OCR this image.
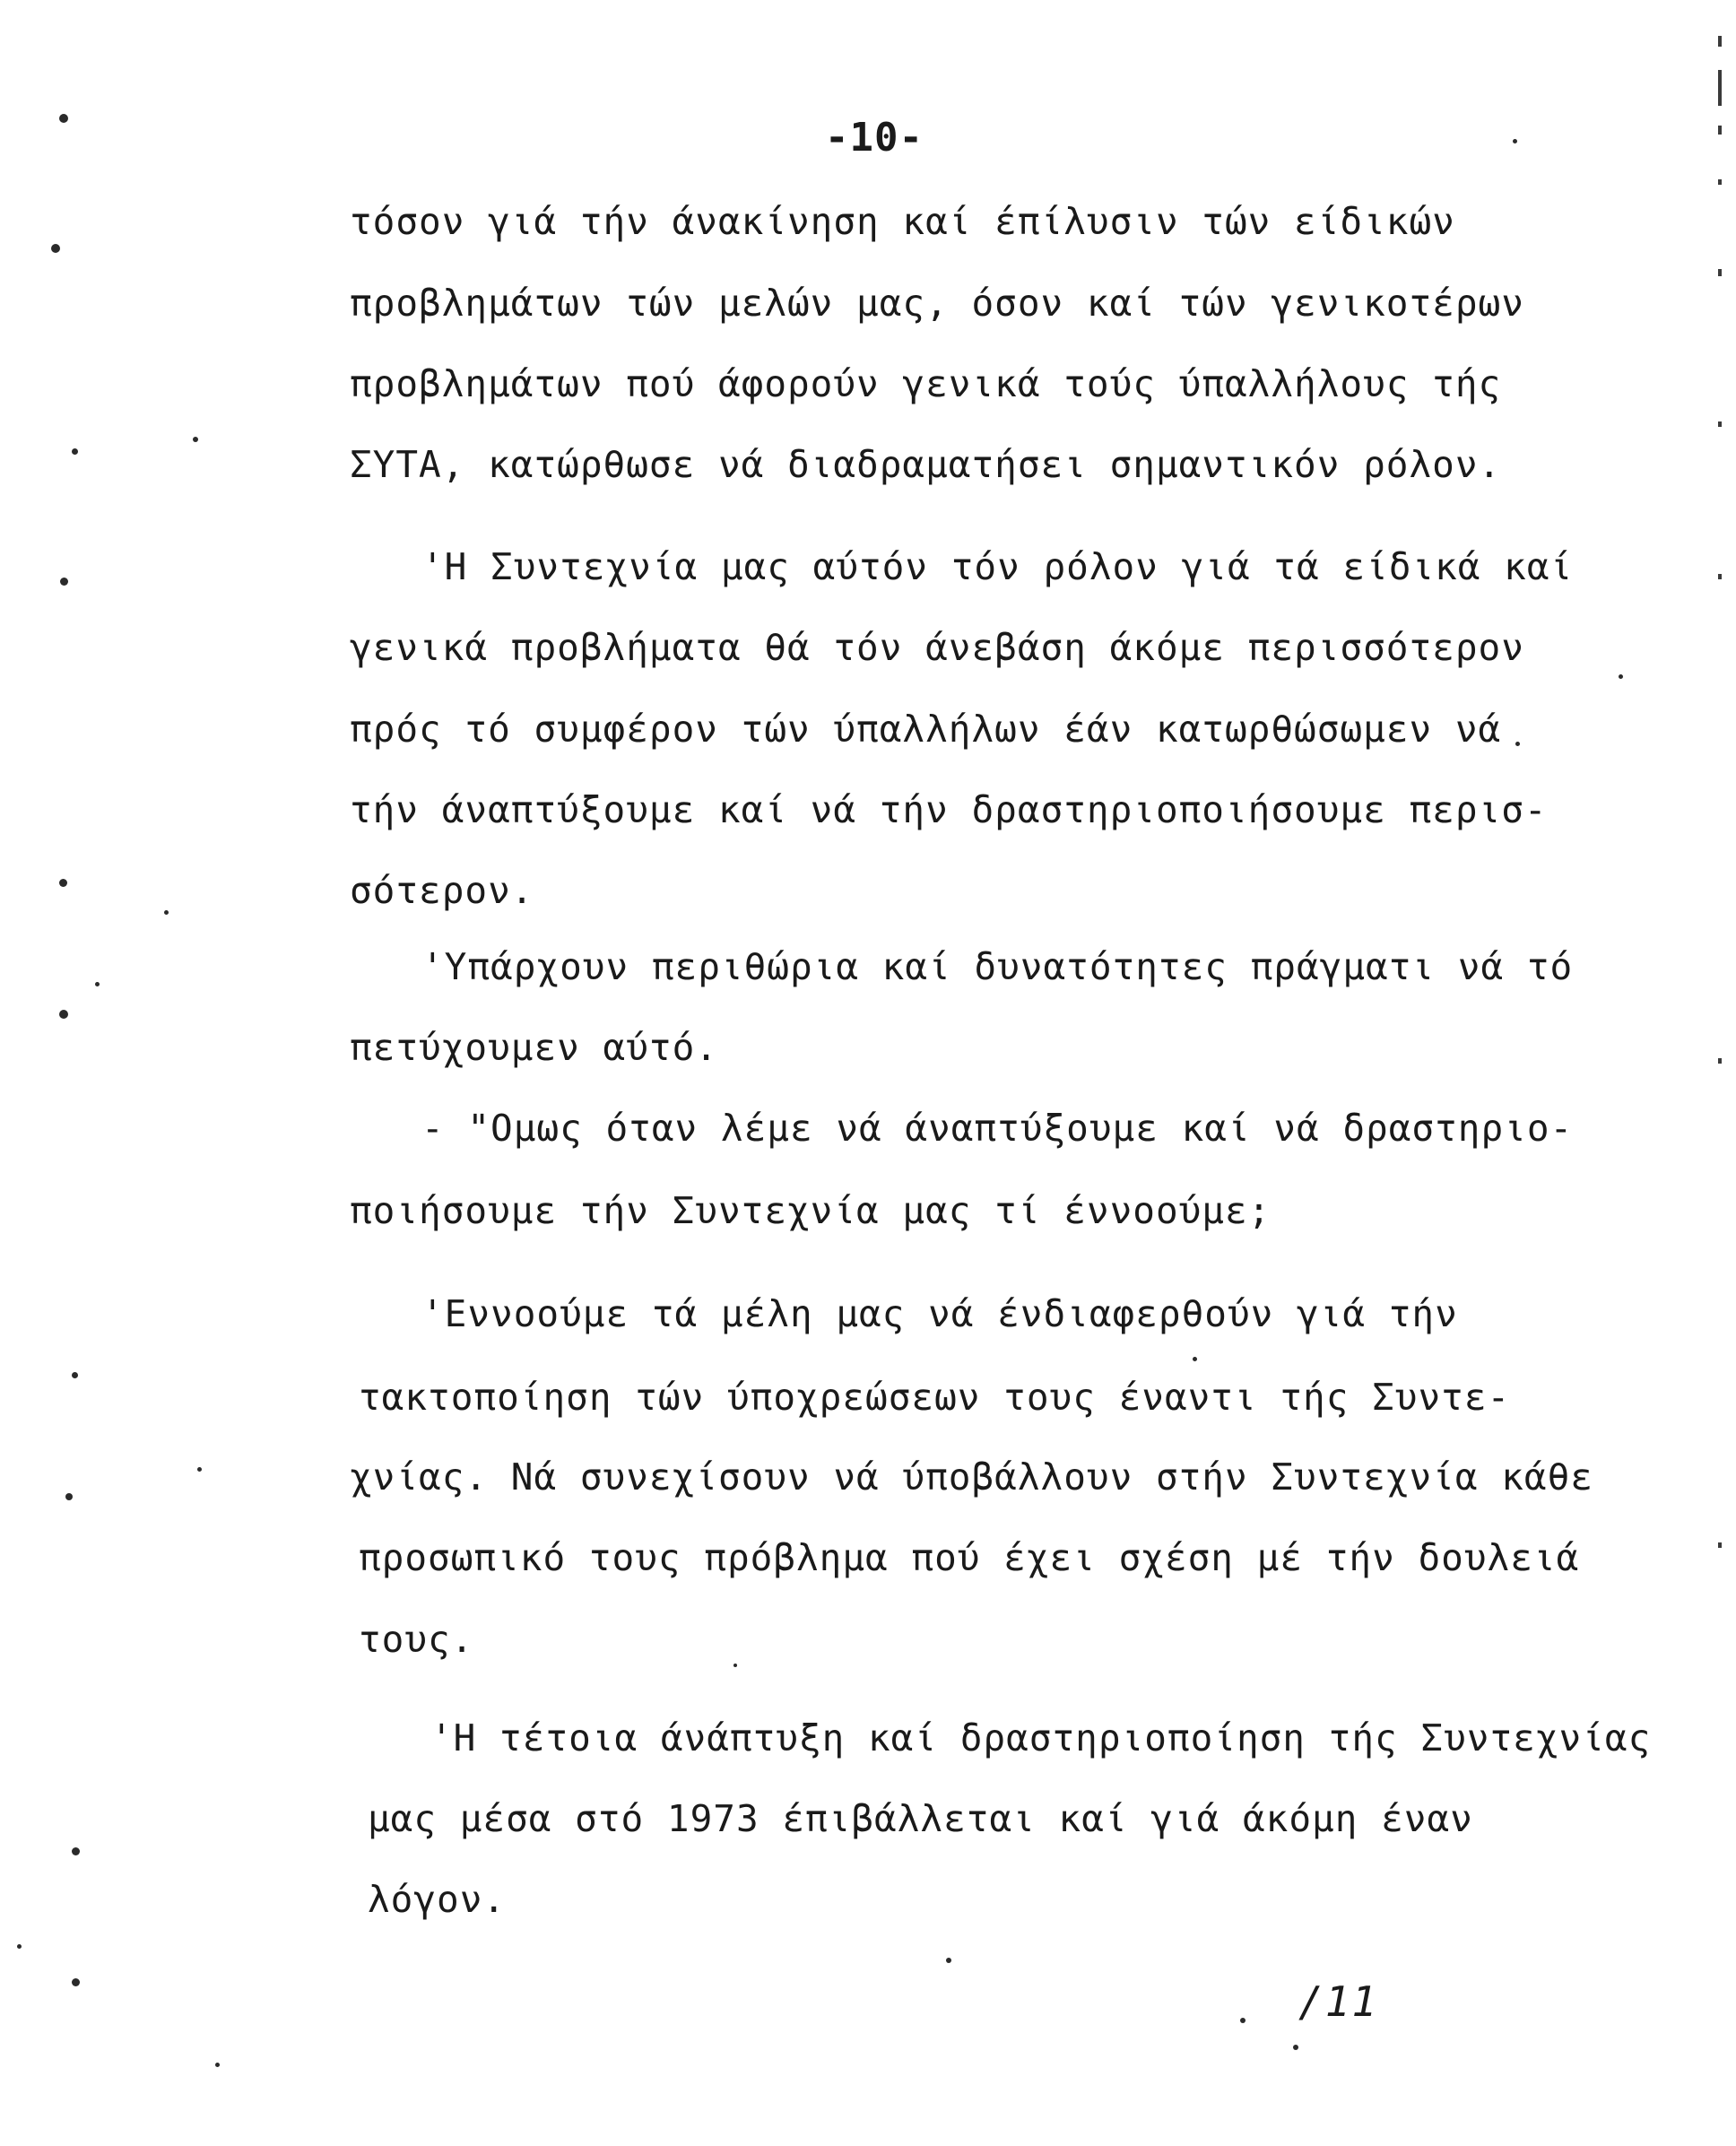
-10-
τόσον γιά τήν άνακίνηση καί έπίλυσιν τών είδικών
προβλημάτων τών μελών μας, όσον καί τών γενικοτέρων
προβλημάτων πού άφορούν γενικά τούς ύπαλλήλους τής
ΣΥΤΑ, κατώρθωσε νά διαδραματήσει σημαντικόν ρόλον.
'Η Συντεχνία μας αύτόν τόν ρόλον γιά τά είδικά καί
γενικά προβλήματα θά τόν άνεβάση άκόμε περισσότερον
πρός τό συμφέρον τών ύπαλλήλων έάν κατωρθώσωμεν νά
τήν άναπτύξουμε καί νά τήν δραστηριοποιήσουμε περισ-
σότερον.
'Υπάρχουν περιθώρια καί δυνατότητες πράγματι νά τό
πετύχουμεν αύτό.
- "Ομως όταν λέμε νά άναπτύξουμε καί νά δραστηριο-
ποιήσουμε τήν Συντεχνία μας τί έννοούμε;
'Εννοούμε τά μέλη μας νά ένδιαφερθούν γιά τήν
τακτοποίηση τών ύποχρεώσεων τους έναντι τής Συντε-
χνίας. Νά συνεχίσουν νά ύποβάλλουν στήν Συντεχνία κάθε
προσωπικό τους πρόβλημα πού έχει σχέση μέ τήν δουλειά
τους.
'Η τέτοια άνάπτυξη καί δραστηριοποίηση τής Συντεχνίας
μας μέσα στό 1973 έπιβάλλεται καί γιά άκόμη έναν
λόγον.
/11
